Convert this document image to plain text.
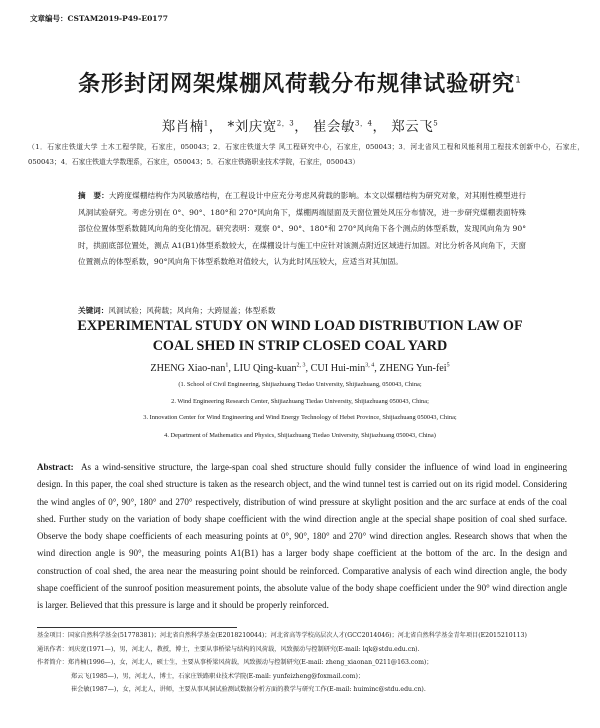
文章编号：CSTAM2019-P49-E0177
条形封闭网架煤棚风荷载分布规律试验研究$^1$
郑肖楠$^1$， *刘庆宽$^{2,3}$， 崔会敏$^{3,4}$， 郑云飞$^5$
（1．石家庄铁道大学 土木工程学院，石家庄，050043；2．石家庄铁道大学 风工程研究中心，石家庄，050043；3．河北省风工程和风能利用工程技术创新中心，石家庄，050043；4．石家庄铁道大学数理系，石家庄，050043；5．石家庄铁路职业技术学院，石家庄，050043）
摘　要：大跨度煤棚结构作为风敏感结构，在工程设计中应充分考虑风荷载的影响。本文以煤棚结构为研究对象，对其刚性模型进行风洞试验研究。考虑分别在 0°、90°、180°和 270°风向角下，煤棚两端屋面及天窗位置处风压分布情况，进一步研究煤棚表面特殊部位位置体型系数随风向角的变化情况。研究表明：观察 0°、90°、180°和 270°风向角下各个测点的体型系数，发现风向角为 90°时，拱面底部位置处，测点 A1(B1)体型系数较大，在煤棚设计与施工中应针对该测点附近区域进行加固。对比分析各风向角下，天窗位置测点的体型系数，90°风向角下体型系数绝对值较大，认为此时风压较大，应适当对其加固。
关键词：风洞试验；风荷载；风向角；大跨屋盖；体型系数
EXPERIMENTAL STUDY ON WIND LOAD DISTRIBUTION LAW OF
COAL SHED IN STRIP CLOSED COAL YARD
ZHENG Xiao-nan$^1$, LIU Qing-kuan$^{2, 3}$, CUI Hui-$\min^{3, 4}$, ZHENG Yun-fei$^5$
(1. School of Civil Engineering, Shijiazhuang Tiedao University, Shijiazhuang, 050043, China;
2. Wind Engineering Research Center, Shijiazhuang Tiedao University, Shijiazhuang 050043, China;
3. Innovation Center for Wind Engineering and Wind Energy Technology of Hebei Province, Shijiazhuang 050043, China;
4. Department of Mathematics and Physics, Shijiazhuang Tiedao University, Shijiazhuang 050043, China)
Abstract: As a wind-sensitive structure, the large-span coal shed structure should fully consider the influence of wind load in engineering design. In this paper, the coal shed structure is taken as the research object, and the wind tunnel test is carried out on its rigid model. Considering the wind angles of 0°, 90°, 180° and 270° respectively, distribution of wind pressure at skylight position and the arc surface at ends of the coal shed. Further study on the variation of body shape coefficient with the wind direction angle at the special shape position of coal shed surface. Observe the body shape coefficients of each measuring points at 0°, 90°, 180° and 270° wind direction angles. Research shows that when the wind direction angle is 90°, the measuring points A1(B1) has a larger body shape coefficient at the bottom of the arc. In the design and construction of coal shed, the area near the measuring point should be reinforced. Comparative analysis of each wind direction angle, the body shape coefficient of the sunroof position measurement points, the absolute value of the body shape coefficient under the 90° wind direction angle is larger. Believed that this pressure is large and it should be properly reinforced.
基金项目：国家自然科学基金(51778381)；河北省自然科学基金(E2018210044)；河北省高等学校高层次人才(GCC2014046)；河北省自然科学基金青年项目(E2015210113)
通讯作者：刘庆宽(1971—)，男，河北人，教授，博士，主要从事桥梁与结构的风荷载，风致振动与控制研究(E-mail: lqk@stdu.edu.cn).
作者简介：郑肖楠(1996—)，女，河北人，硕士生，主要从事桥梁风荷载，风致振动与控制研究(E-mail: zheng_xiaonan_0211@163.com)；
郑云飞(1985—)，男，河北人，博士，石家庄铁路职业技术学院(E-mail: yunfeizheng@foxmail.com)；
崔会敏(1987—)，女，河北人，讲师，主要从事风洞试验测试数据分析方面的教学与研究工作(E-mail: huiminc@stdu.edu.cn).
